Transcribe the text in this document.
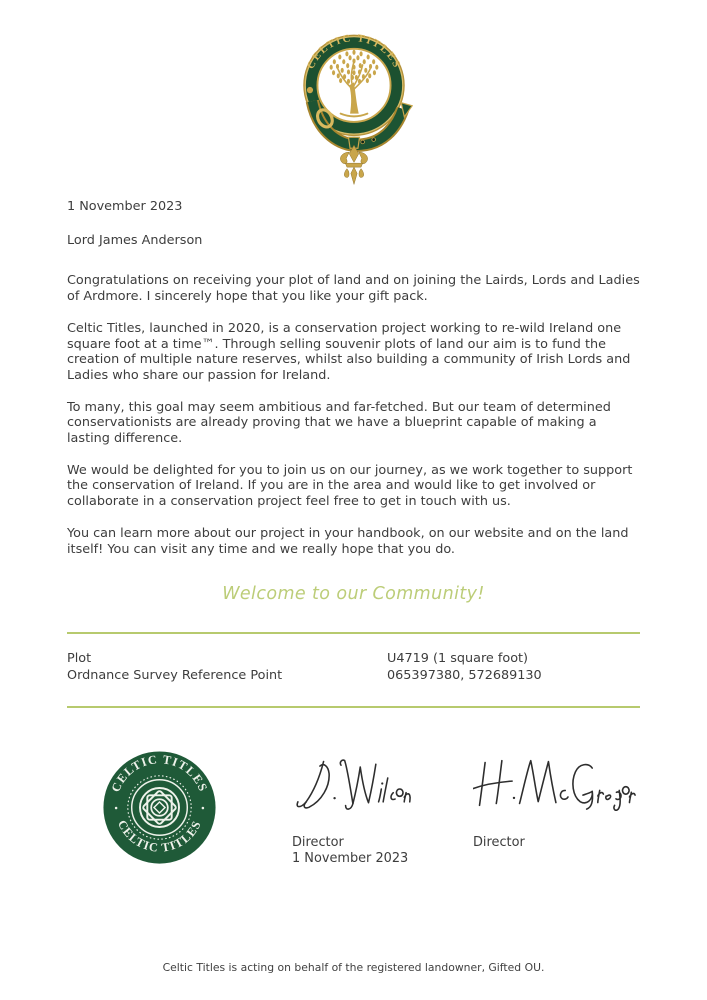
CELTIC TITLES
1 November 2023
Lord James Anderson

Congratulations on receiving your plot of land and on joining the Lairds, Lords and Ladies of Ardmore. I sincerely hope that you like your gift pack.

Celtic Titles, launched in 2020, is a conservation project working to re-wild Ireland one square foot at a time™. Through selling souvenir plots of land our aim is to fund the creation of multiple nature reserves, whilst also building a community of Irish Lords and Ladies who share our passion for Ireland.

To many, this goal may seem ambitious and far-fetched. But our team of determined conservationists are already proving that we have a blueprint capable of making a lasting difference.

We would be delighted for you to join us on our journey, as we work together to support the conservation of Ireland. If you are in the area and would like to get involved or collaborate in a conservation project feel free to get in touch with us.

You can learn more about our project in your handbook, on our website and on the land itself! You can visit any time and we really hope that you do.

Welcome to our Community!
Plot	U4719 (1 square foot)
Ordnance Survey Reference Point	065397380, 572689130
CELTIC TITLES
CELTIC TITLES
Director
1 November 2023
Director
Celtic Titles is acting on behalf of the registered landowner, Gifted OU.
